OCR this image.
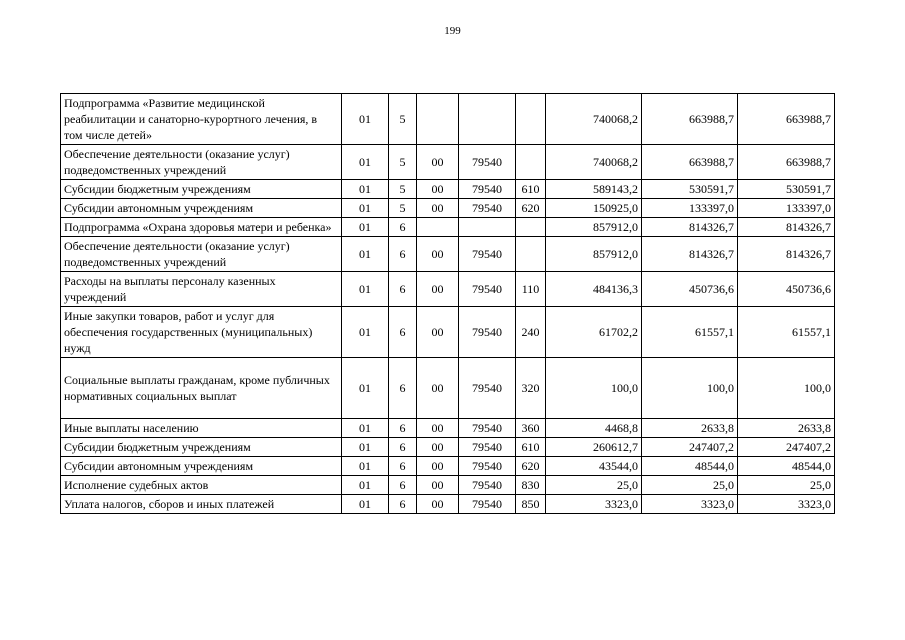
199
Подпрограмма «Развитие медицинской реабилитации и санаторно-курортного лечения, в том числе детей»	01	5				740068,2	663988,7	663988,7
Обеспечение деятельности (оказание услуг) подведомственных учреждений	01	5	00	79540		740068,2	663988,7	663988,7
Субсидии бюджетным учреждениям	01	5	00	79540	610	589143,2	530591,7	530591,7
Субсидии автономным учреждениям	01	5	00	79540	620	150925,0	133397,0	133397,0
Подпрограмма «Охрана здоровья матери и ребенка»	01	6				857912,0	814326,7	814326,7
Обеспечение деятельности (оказание услуг) подведомственных учреждений	01	6	00	79540		857912,0	814326,7	814326,7
Расходы на выплаты персоналу казенных учреждений	01	6	00	79540	110	484136,3	450736,6	450736,6
Иные закупки товаров, работ и услуг для обеспечения государственных (муниципальных) нужд	01	6	00	79540	240	61702,2	61557,1	61557,1
Социальные выплаты гражданам, кроме публичных нормативных социальных выплат	01	6	00	79540	320	100,0	100,0	100,0
Иные выплаты населению	01	6	00	79540	360	4468,8	2633,8	2633,8
Субсидии бюджетным учреждениям	01	6	00	79540	610	260612,7	247407,2	247407,2
Субсидии автономным учреждениям	01	6	00	79540	620	43544,0	48544,0	48544,0
Исполнение судебных актов	01	6	00	79540	830	25,0	25,0	25,0
Уплата налогов, сборов и иных платежей	01	6	00	79540	850	3323,0	3323,0	3323,0
